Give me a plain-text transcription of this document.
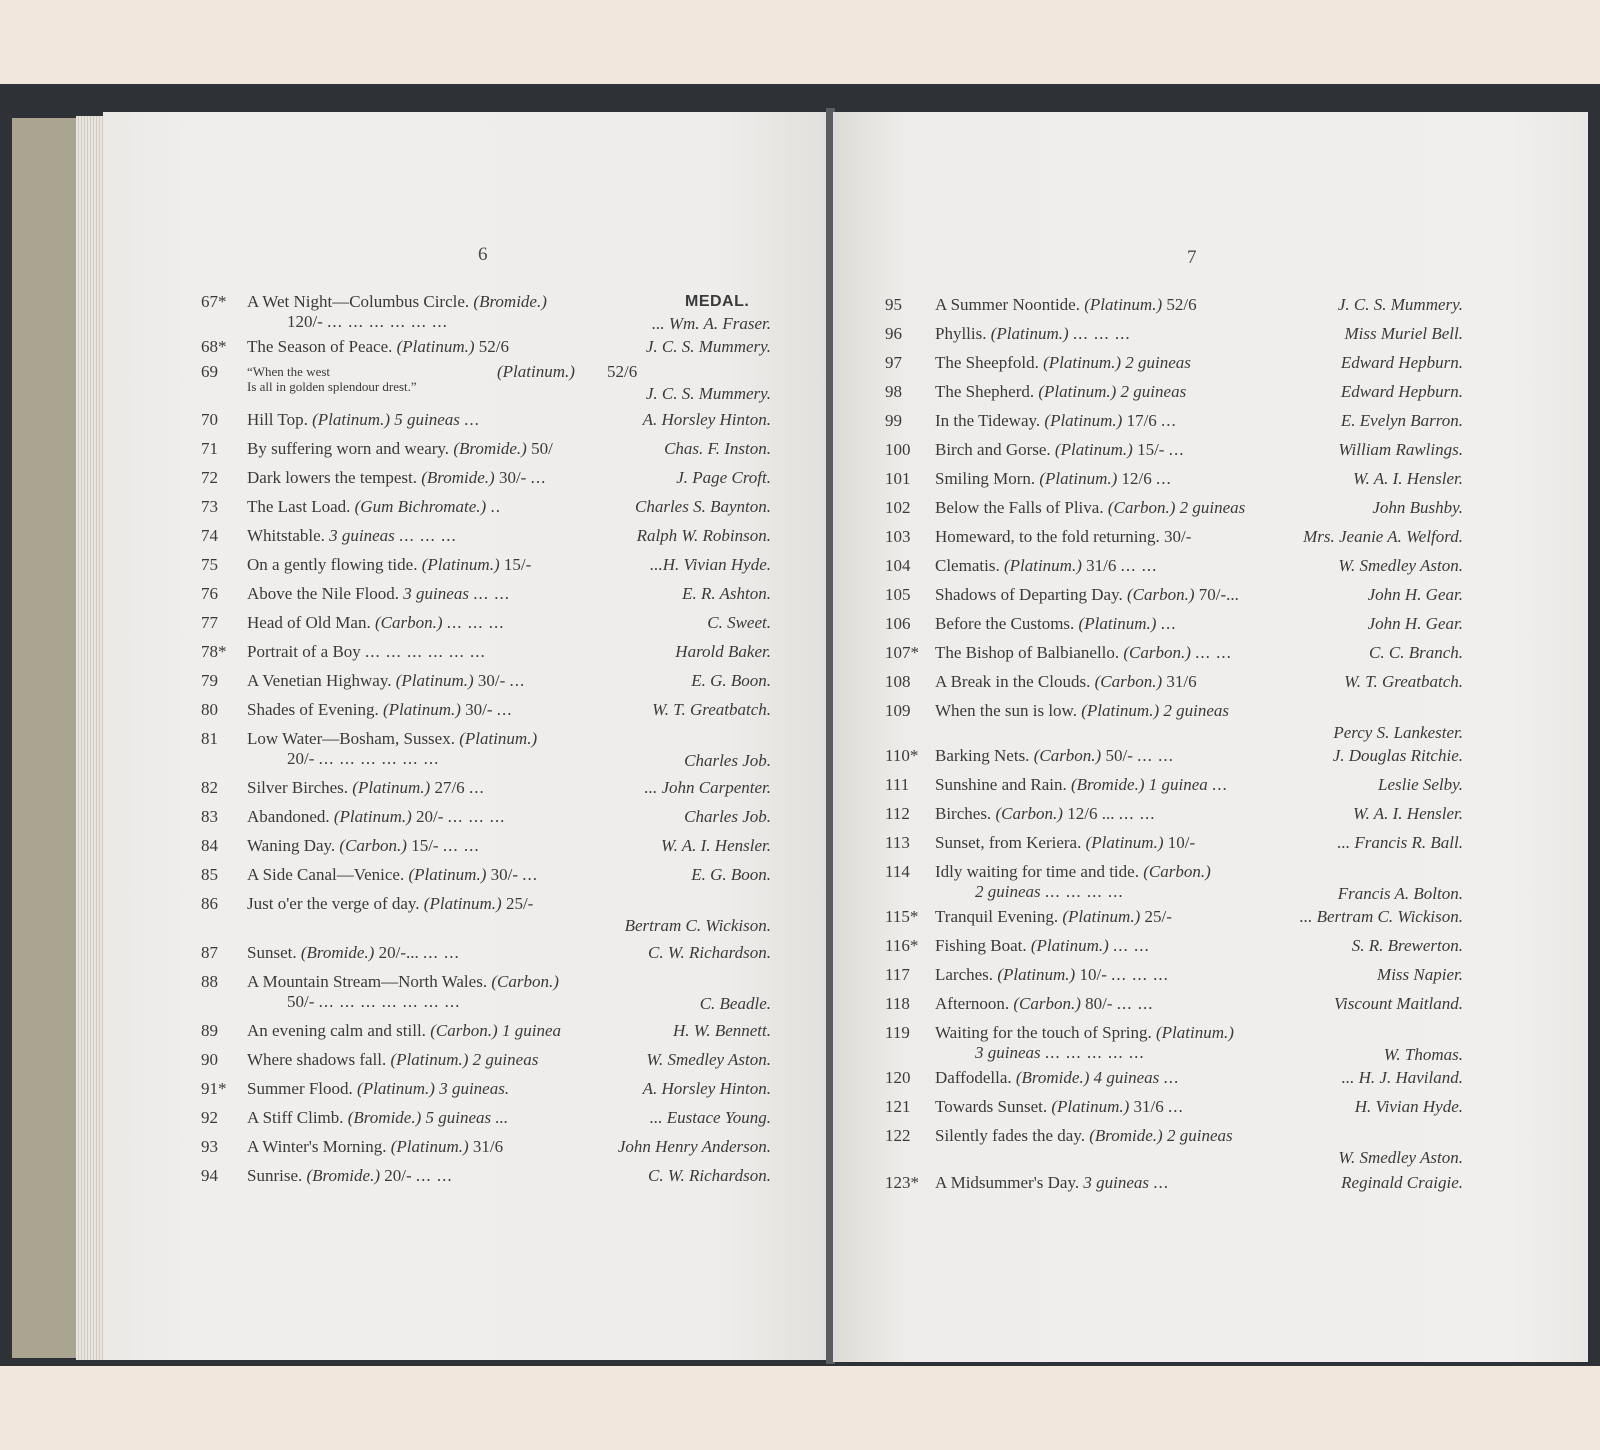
6
67*	A Wet Night—Columbus Circle. (Bromide.)	MEDAL.
120/- ... ... ... ... ... ...	... Wm. A. Fraser.
68*	The Season of Peace. (Platinum.) 52/6	J. C. S. Mummery.
69	“When the west
Is all in golden splendour drest.”
(Platinum.) 52/6
J. C. S. Mummery.
70	Hill Top. (Platinum.) 5 guineas ...	A. Horsley Hinton.
71	By suffering worn and weary. (Bromide.) 50/	Chas. F. Inston.
72	Dark lowers the tempest. (Bromide.) 30/- ...	J. Page Croft.
73	The Last Load. (Gum Bichromate.) ..	Charles S. Baynton.
74	Whitstable. 3 guineas ... ... ...	Ralph W. Robinson.
75	On a gently flowing tide. (Platinum.) 15/-	...H. Vivian Hyde.
76	Above the Nile Flood. 3 guineas ... ...	E. R. Ashton.
77	Head of Old Man. (Carbon.) ... ... ...	C. Sweet.
78*	Portrait of a Boy ... ... ... ... ... ...	Harold Baker.
79	A Venetian Highway. (Platinum.) 30/- ...	E. G. Boon.
80	Shades of Evening. (Platinum.) 30/- ...	W. T. Greatbatch.
81	Low Water—Bosham, Sussex. (Platinum.)
20/- ... ... ... ... ... ...	Charles Job.
82	Silver Birches. (Platinum.) 27/6 ...	... John Carpenter.
83	Abandoned. (Platinum.) 20/- ... ... ...	Charles Job.
84	Waning Day. (Carbon.) 15/- ... ...	W. A. I. Hensler.
85	A Side Canal—Venice. (Platinum.) 30/- ...	E. G. Boon.
86	Just o'er the verge of day. (Platinum.) 25/-
Bertram C. Wickison.
87	Sunset. (Bromide.) 20/-... ... ...	C. W. Richardson.
88	A Mountain Stream—North Wales. (Carbon.)
50/- ... ... ... ... ... ... ...	C. Beadle.
89	An evening calm and still. (Carbon.) 1 guinea	H. W. Bennett.
90	Where shadows fall. (Platinum.) 2 guineas	W. Smedley Aston.
91*	Summer Flood. (Platinum.) 3 guineas.	A. Horsley Hinton.
92	A Stiff Climb. (Bromide.) 5 guineas ...	... Eustace Young.
93	A Winter's Morning. (Platinum.) 31/6	John Henry Anderson.
94	Sunrise. (Bromide.) 20/- ... ...	C. W. Richardson.
7
95	A Summer Noontide. (Platinum.) 52/6	J. C. S. Mummery.
96	Phyllis. (Platinum.) ... ... ...	Miss Muriel Bell.
97	The Sheepfold. (Platinum.) 2 guineas	Edward Hepburn.
98	The Shepherd. (Platinum.) 2 guineas	Edward Hepburn.
99	In the Tideway. (Platinum.) 17/6 ...	E. Evelyn Barron.
100	Birch and Gorse. (Platinum.) 15/- ...	William Rawlings.
101	Smiling Morn. (Platinum.) 12/6 ...	W. A. I. Hensler.
102	Below the Falls of Pliva. (Carbon.) 2 guineas	John Bushby.
103	Homeward, to the fold returning. 30/-	Mrs. Jeanie A. Welford.
104	Clematis. (Platinum.) 31/6 ... ...	W. Smedley Aston.
105	Shadows of Departing Day. (Carbon.) 70/-...	John H. Gear.
106	Before the Customs. (Platinum.) ...	John H. Gear.
107* The Bishop of Balbianello. (Carbon.) ... ...	C. C. Branch.
108	A Break in the Clouds. (Carbon.) 31/6	W. T. Greatbatch.
109	When the sun is low. (Platinum.) 2 guineas
Percy S. Lankester.
110* Barking Nets. (Carbon.) 50/- ... ...	J. Douglas Ritchie.
111	Sunshine and Rain. (Bromide.) 1 guinea ...	Leslie Selby.
112	Birches. (Carbon.) 12/6 ... ... ...	W. A. I. Hensler.
113	Sunset, from Keriera. (Platinum.) 10/-	... Francis R. Ball.
114	Idly waiting for time and tide. (Carbon.)
2 guineas ... ... ... ...	Francis A. Bolton.
115* Tranquil Evening. (Platinum.) 25/-	... Bertram C. Wickison.
116* Fishing Boat. (Platinum.) ... ...	S. R. Brewerton.
117	Larches. (Platinum.) 10/- ... ... ...	Miss Napier.
118	Afternoon. (Carbon.) 80/- ... ...	Viscount Maitland.
119	Waiting for the touch of Spring. (Platinum.)
3 guineas ... ... ... ... ...	W. Thomas.
120	Daffodella. (Bromide.) 4 guineas ...	... H. J. Haviland.
121	Towards Sunset. (Platinum.) 31/6 ...	H. Vivian Hyde.
122	Silently fades the day. (Bromide.) 2 guineas
W. Smedley Aston.
123* A Midsummer's Day. 3 guineas ...	Reginald Craigie.
